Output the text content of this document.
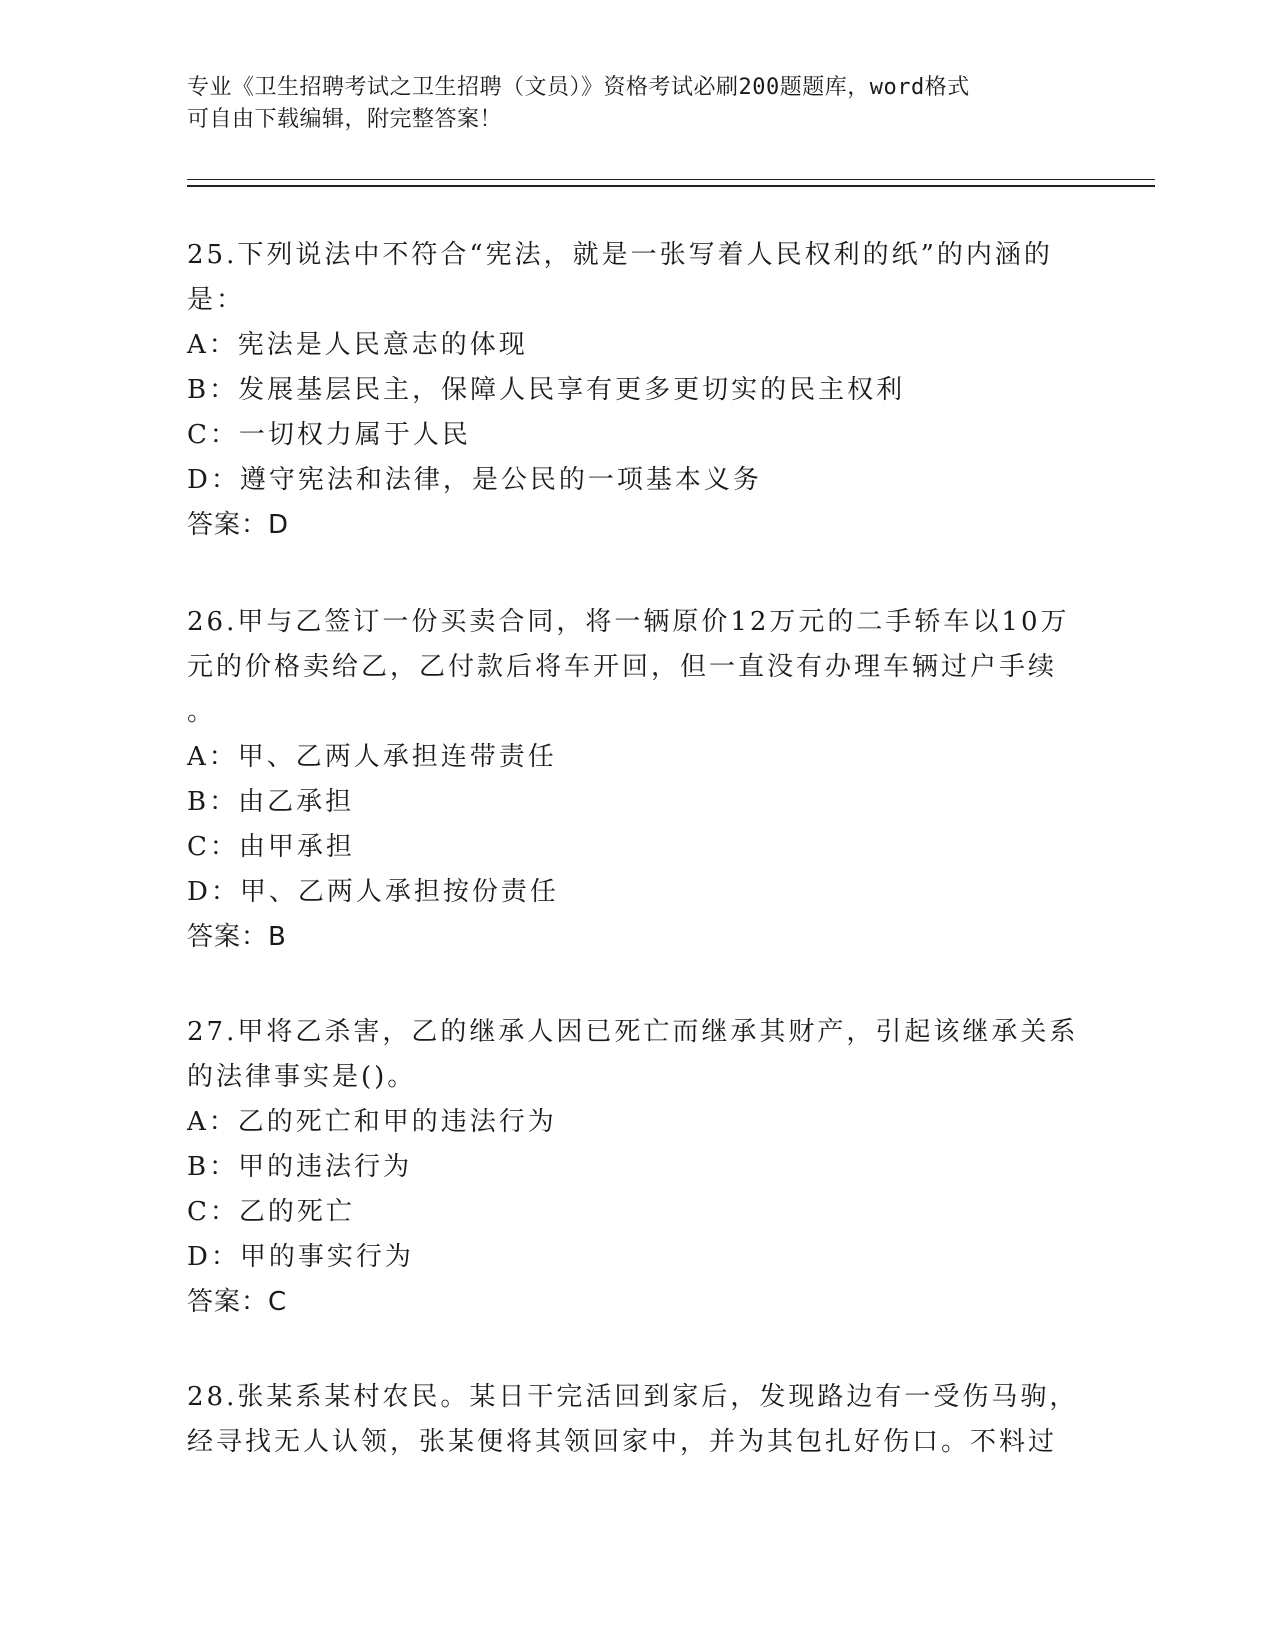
专业《卫生招聘考试之卫生招聘（文员）》资格考试必刷200题题库，word格式
可自由下载编辑，附完整答案！
25.下列说法中不符合“宪法，就是一张写着人民权利的纸”的内涵的
是：
A：宪法是人民意志的体现
B：发展基层民主，保障人民享有更多更切实的民主权利
C：一切权力属于人民
D：遵守宪法和法律，是公民的一项基本义务
答案：D
26.甲与乙签订一份买卖合同，将一辆原价12万元的二手轿车以10万
元的价格卖给乙，乙付款后将车开回，但一直没有办理车辆过户手续
。
A：甲、乙两人承担连带责任
B：由乙承担
C：由甲承担
D：甲、乙两人承担按份责任
答案：B
27.甲将乙杀害，乙的继承人因已死亡而继承其财产，引起该继承关系
的法律事实是()。
A：乙的死亡和甲的违法行为
B：甲的违法行为
C：乙的死亡
D：甲的事实行为
答案：C
28.张某系某村农民。某日干完活回到家后，发现路边有一受伤马驹，
经寻找无人认领，张某便将其领回家中，并为其包扎好伤口。不料过
